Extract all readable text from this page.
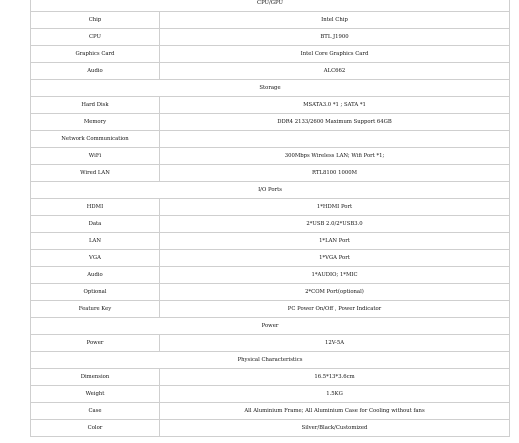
CPU/GPU	
Chip	Intel Chip
CPU	BTL J1900
Graphics Card	Intel Core Graphics Card
Audio	ALC662
Storage	
Hard Disk	MSATA3.0 *1 ; SATA *1
Memory	DDR4 2133/2600 Maximum Support 64GB
Network Communication	
WiFi	300Mbps Wireless LAN; Wifi Port *1;
Wired LAN	RTL8100 1000M
I/O Ports	
HDMI	1*HDMI Port
Data	2*USB 2.0/2*USB3.0
LAN	1*LAN Port
VGA	1*VGA Port
Audio	1*AUDIO; 1*MIC
Optional	2*COM Port(optional)
Feature Key	PC Power On/Off , Power Indicator
Power	
Power	12V-5A
Physical Characteristics	
Dimension	16.5*13*3.6cm
Weight	1.5KG
Case	All Aluminium Frame; All Aluminium Case for Cooling without fans
Color	Silver/Black/Customized
